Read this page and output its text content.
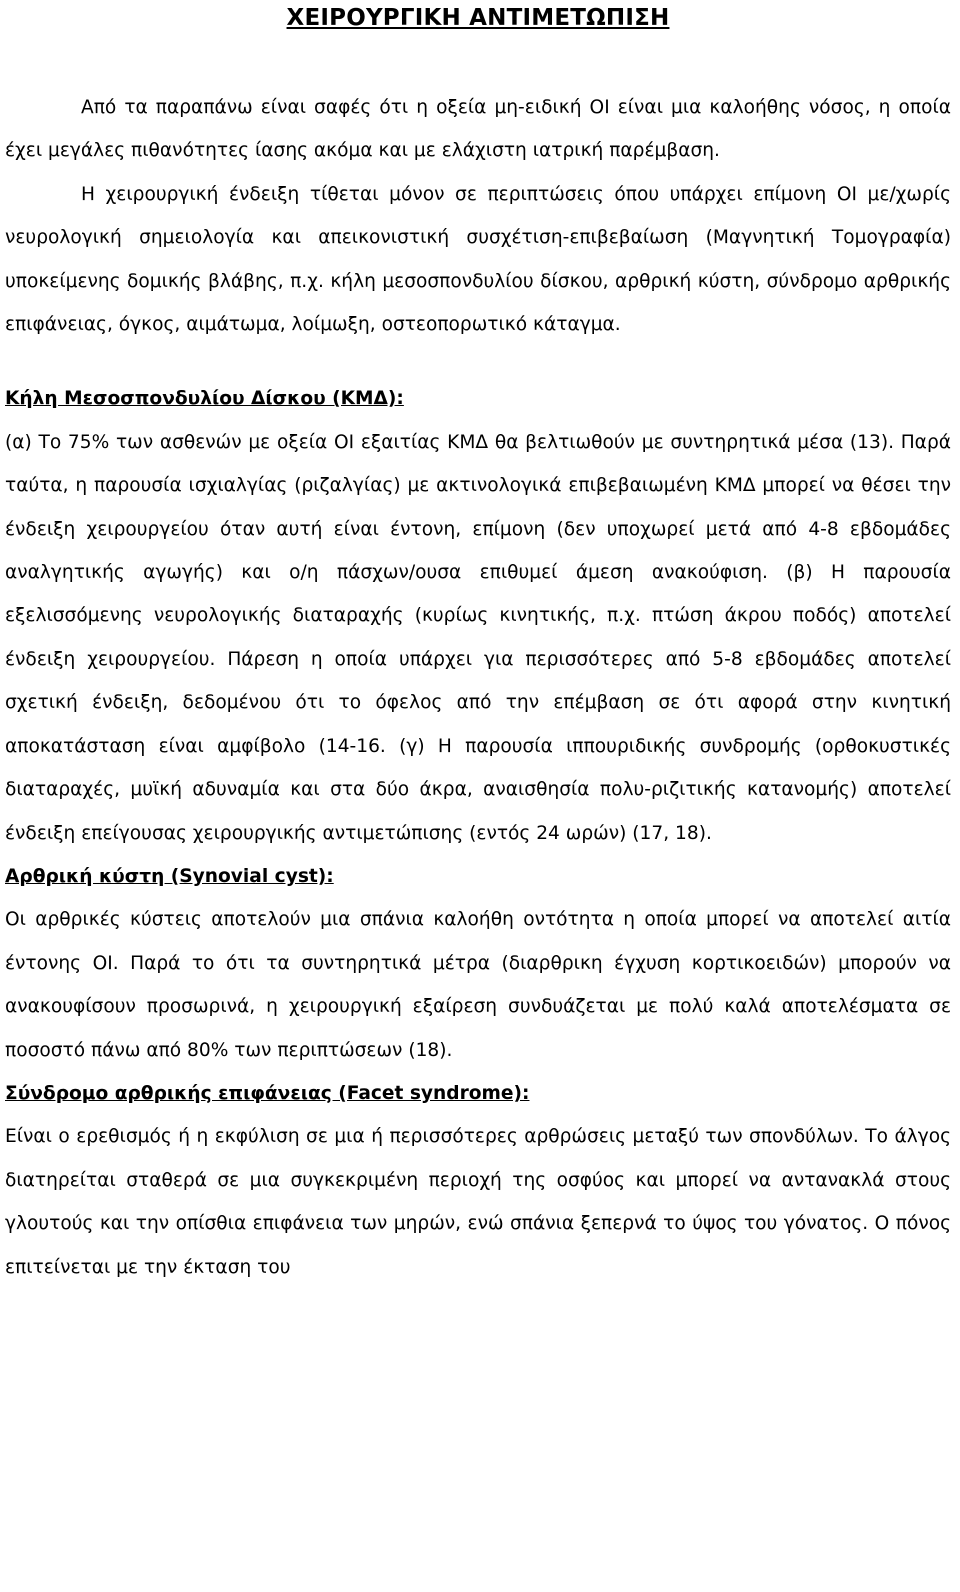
ΧΕΙΡΟΥΡΓΙΚΗ ΑΝΤΙΜΕΤΩΠΙΣΗ

Από τα παραπάνω είναι σαφές ότι η οξεία μη-ειδική ΟΙ είναι μια καλοήθης νόσος, η οποία έχει μεγάλες πιθανότητες ίασης ακόμα και με ελάχιστη ιατρική παρέμβαση.

Η χειρουργική ένδειξη τίθεται μόνον σε περιπτώσεις όπου υπάρχει επίμονη ΟΙ με/χωρίς νευρολογική σημειολογία και απεικονιστική συσχέτιση-επιβεβαίωση (Μαγνητική Τομογραφία) υποκείμενης δομικής βλάβης, π.χ. κήλη μεσοσπονδυλίου δίσκου, αρθρική κύστη, σύνδρομο αρθρικής επιφάνειας, όγκος, αιμάτωμα, λοίμωξη, οστεοπορωτικό κάταγμα.

Κήλη Μεσοσπονδυλίου Δίσκου (ΚΜΔ):

(α) Το 75% των ασθενών με οξεία ΟΙ εξαιτίας ΚΜΔ θα βελτιωθούν με συντηρητικά μέσα (13). Παρά ταύτα, η παρουσία ισχιαλγίας (ριζαλγίας) με ακτινολογικά επιβεβαιωμένη ΚΜΔ μπορεί να θέσει την ένδειξη χειρουργείου όταν αυτή είναι έντονη, επίμονη (δεν υποχωρεί μετά από 4-8 εβδομάδες αναλγητικής αγωγής) και ο/η πάσχων/ουσα επιθυμεί άμεση ανακούφιση. (β) Η παρουσία εξελισσόμενης νευρολογικής διαταραχής (κυρίως κινητικής, π.χ. πτώση άκρου ποδός) αποτελεί ένδειξη χειρουργείου. Πάρεση η οποία υπάρχει για περισσότερες από 5-8 εβδομάδες αποτελεί σχετική ένδειξη, δεδομένου ότι το όφελος από την επέμβαση σε ότι αφορά στην κινητική αποκατάσταση είναι αμφίβολο (14-16. (γ) Η παρουσία ιππουριδικής συνδρομής (ορθοκυστικές διαταραχές, μυϊκή αδυναμία και στα δύο άκρα, αναισθησία πολυ-ριζιτικής κατανομής) αποτελεί ένδειξη επείγουσας χειρουργικής αντιμετώπισης (εντός 24 ωρών) (17, 18).

Αρθρική κύστη (Synovial cyst):

Οι αρθρικές κύστεις αποτελούν μια σπάνια καλοήθη οντότητα η οποία μπορεί να αποτελεί αιτία έντονης ΟΙ. Παρά το ότι τα συντηρητικά μέτρα (διαρθρικη έγχυση κορτικοειδών) μπορούν να ανακουφίσουν προσωρινά, η χειρουργική εξαίρεση συνδυάζεται με πολύ καλά αποτελέσματα σε ποσοστό πάνω από 80% των περιπτώσεων (18).

Σύνδρομο αρθρικής επιφάνειας (Facet syndrome):

Είναι ο ερεθισμός ή η εκφύλιση σε μια ή περισσότερες αρθρώσεις μεταξύ των σπονδύλων. Το άλγος διατηρείται σταθερά σε μια συγκεκριμένη περιοχή της οσφύος και μπορεί να αντανακλά στους γλουτούς και την οπίσθια επιφάνεια των μηρών, ενώ σπάνια ξεπερνά το ύψος του γόνατος. Ο πόνος επιτείνεται με την έκταση του
